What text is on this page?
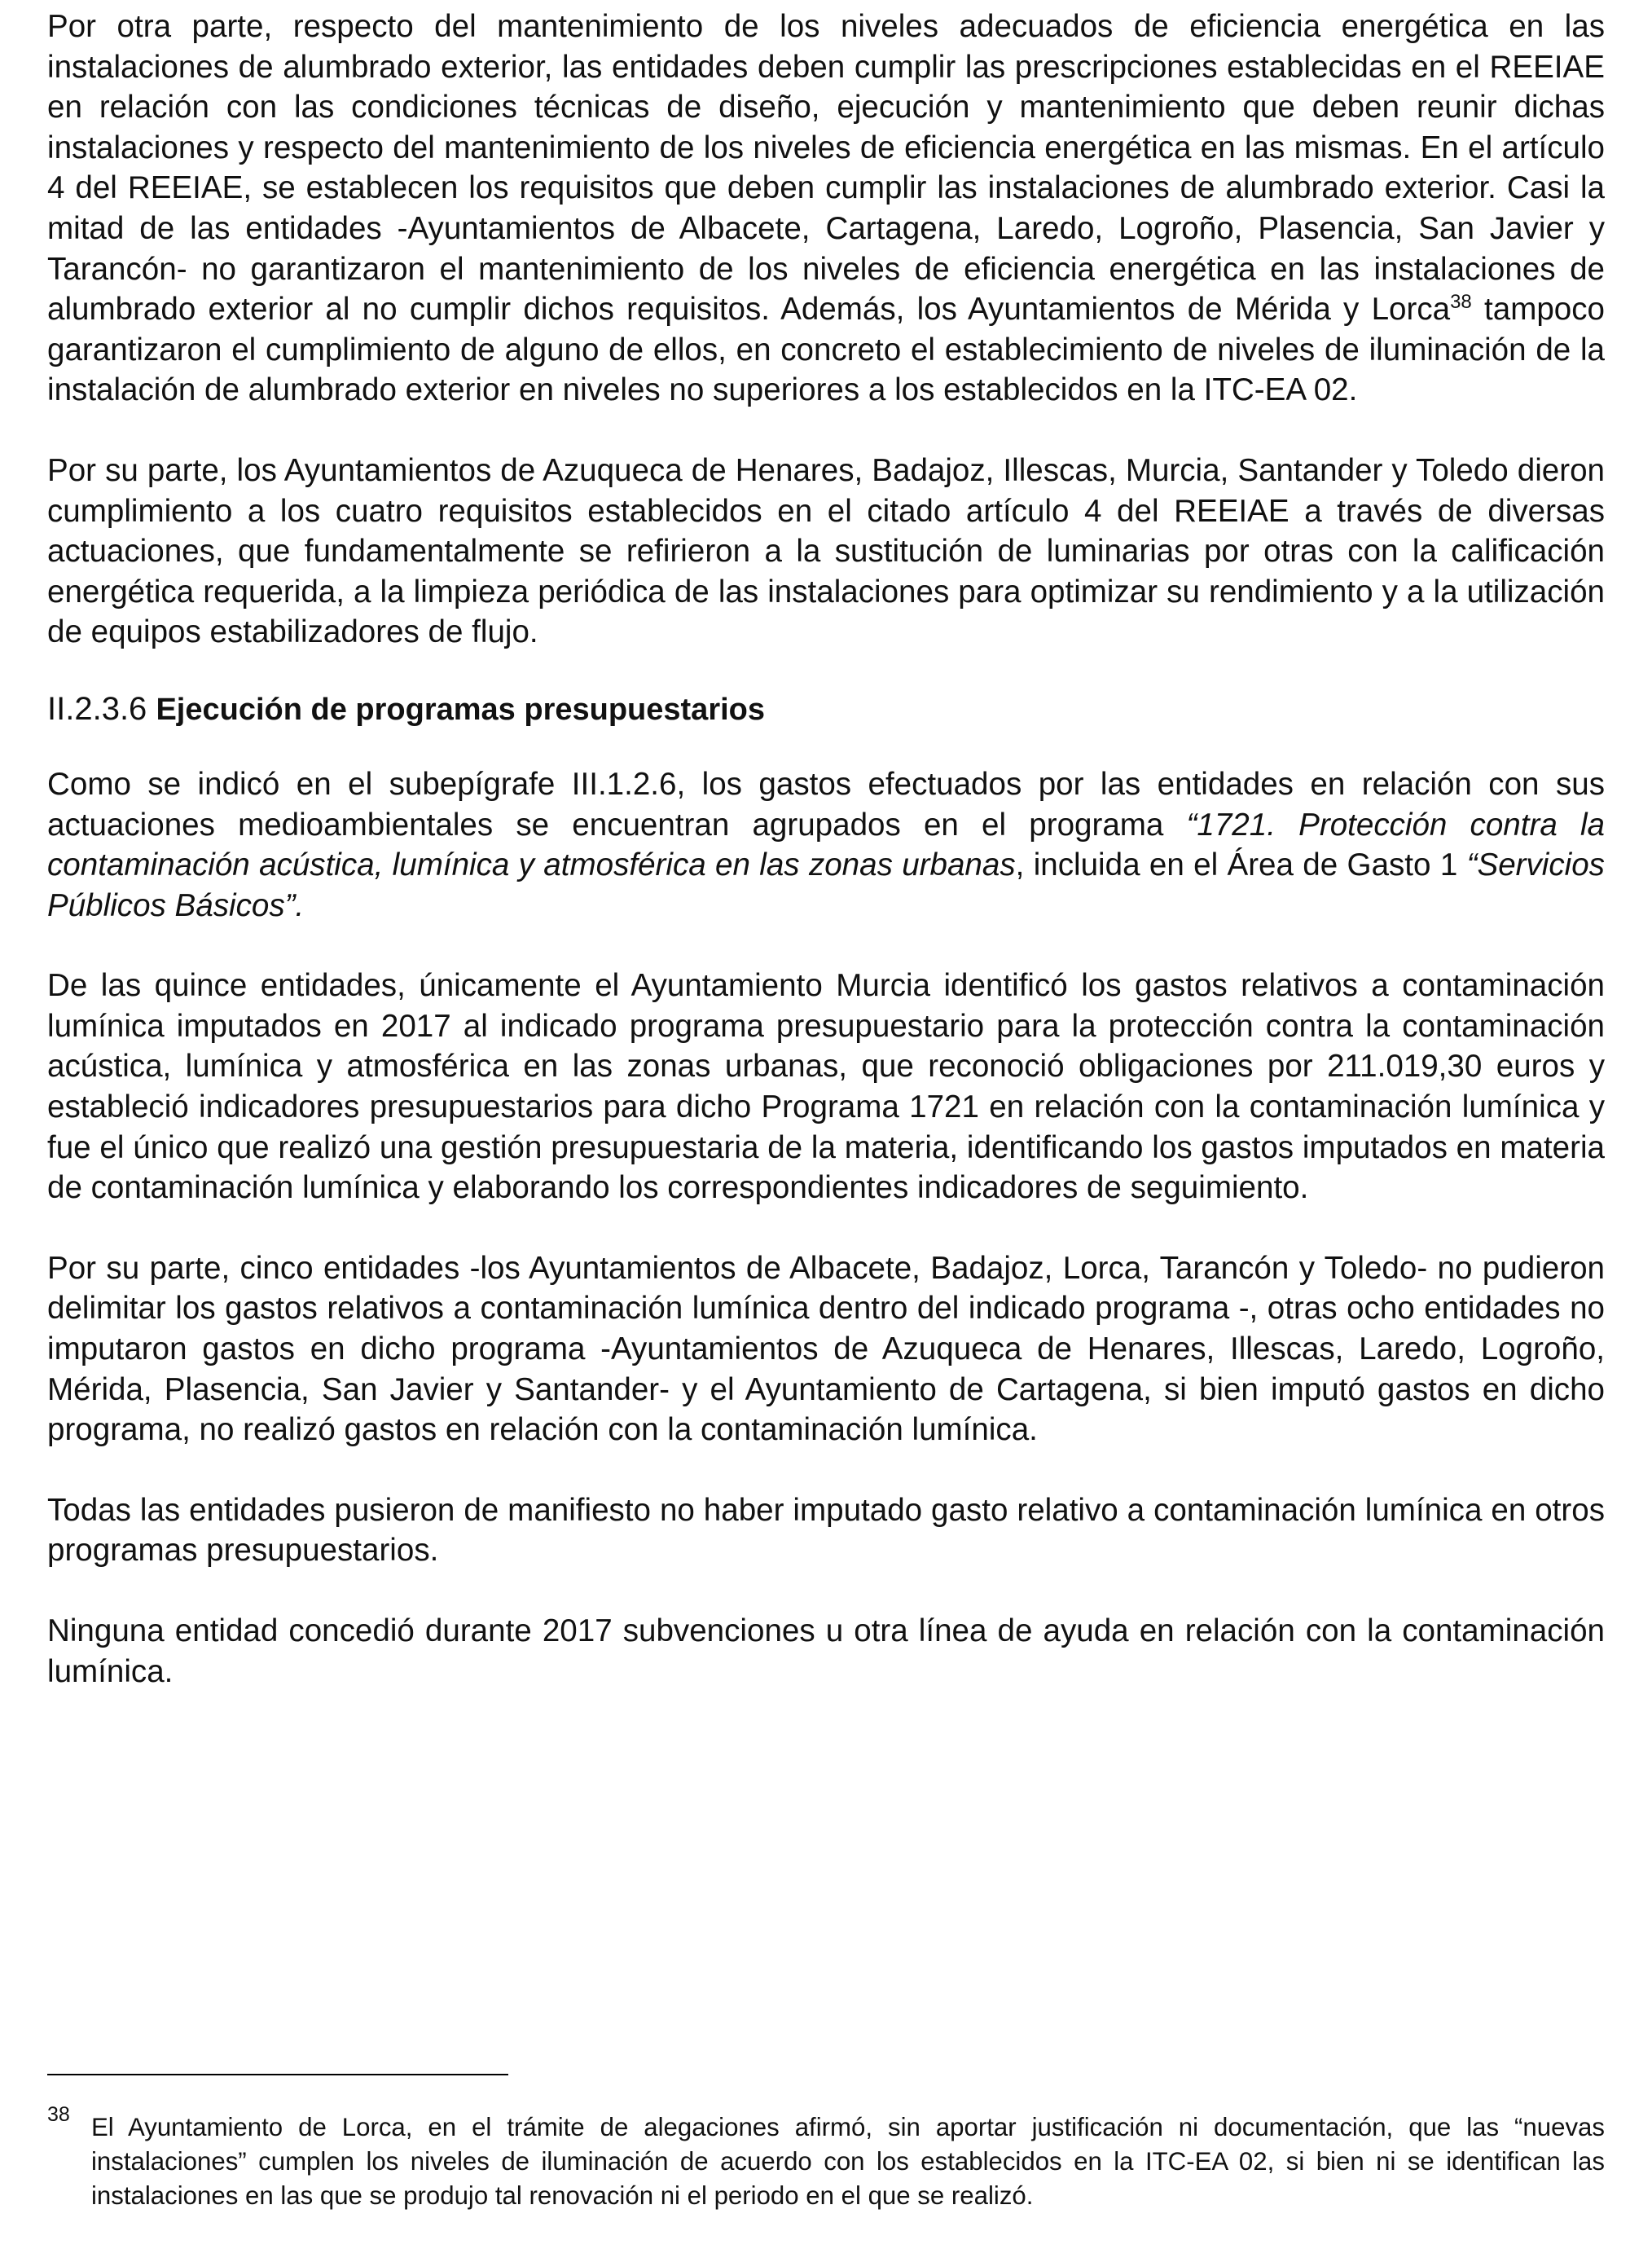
Por otra parte, respecto del mantenimiento de los niveles adecuados de eficiencia energética en las instalaciones de alumbrado exterior, las entidades deben cumplir las prescripciones establecidas en el REEIAE en relación con las condiciones técnicas de diseño, ejecución y mantenimiento que deben reunir dichas instalaciones y respecto del mantenimiento de los niveles de eficiencia energética en las mismas. En el artículo 4 del REEIAE, se establecen los requisitos que deben cumplir las instalaciones de alumbrado exterior. Casi la mitad de las entidades -Ayuntamientos de Albacete, Cartagena, Laredo, Logroño, Plasencia, San Javier y Tarancón- no garantizaron el mantenimiento de los niveles de eficiencia energética en las instalaciones de alumbrado exterior al no cumplir dichos requisitos. Además, los Ayuntamientos de Mérida y Lorca$^{38}$ tampoco garantizaron el cumplimiento de alguno de ellos, en concreto el establecimiento de niveles de iluminación de la instalación de alumbrado exterior en niveles no superiores a los establecidos en la ITC-EA 02.

Por su parte, los Ayuntamientos de Azuqueca de Henares, Badajoz, Illescas, Murcia, Santander y Toledo dieron cumplimiento a los cuatro requisitos establecidos en el citado artículo 4 del REEIAE a través de diversas actuaciones, que fundamentalmente se refirieron a la sustitución de luminarias por otras con la calificación energética requerida, a la limpieza periódica de las instalaciones para optimizar su rendimiento y a la utilización de equipos estabilizadores de flujo.

II.2.3.6 Ejecución de programas presupuestarios

Como se indicó en el subepígrafe III.1.2.6, los gastos efectuados por las entidades en relación con sus actuaciones medioambientales se encuentran agrupados en el programa “1721. Protección contra la contaminación acústica, lumínica y atmosférica en las zonas urbanas, incluida en el Área de Gasto 1 “Servicios Públicos Básicos”.

De las quince entidades, únicamente el Ayuntamiento Murcia identificó los gastos relativos a contaminación lumínica imputados en 2017 al indicado programa presupuestario para la protección contra la contaminación acústica, lumínica y atmosférica en las zonas urbanas, que reconoció obligaciones por 211.019,30 euros y estableció indicadores presupuestarios para dicho Programa 1721 en relación con la contaminación lumínica y fue el único que realizó una gestión presupuestaria de la materia, identificando los gastos imputados en materia de contaminación lumínica y elaborando los correspondientes indicadores de seguimiento.

Por su parte, cinco entidades -los Ayuntamientos de Albacete, Badajoz, Lorca, Tarancón y Toledo- no pudieron delimitar los gastos relativos a contaminación lumínica dentro del indicado programa -, otras ocho entidades no imputaron gastos en dicho programa -Ayuntamientos de Azuqueca de Henares, Illescas, Laredo, Logroño, Mérida, Plasencia, San Javier y Santander- y el Ayuntamiento de Cartagena, si bien imputó gastos en dicho programa, no realizó gastos en relación con la contaminación lumínica.

Todas las entidades pusieron de manifiesto no haber imputado gasto relativo a contaminación lumínica en otros programas presupuestarios.

Ninguna entidad concedió durante 2017 subvenciones u otra línea de ayuda en relación con la contaminación lumínica.

38 El Ayuntamiento de Lorca, en el trámite de alegaciones afirmó, sin aportar justificación ni documentación, que las “nuevas instalaciones” cumplen los niveles de iluminación de acuerdo con los establecidos en la ITC-EA 02, si bien ni se identifican las instalaciones en las que se produjo tal renovación ni el periodo en el que se realizó.
